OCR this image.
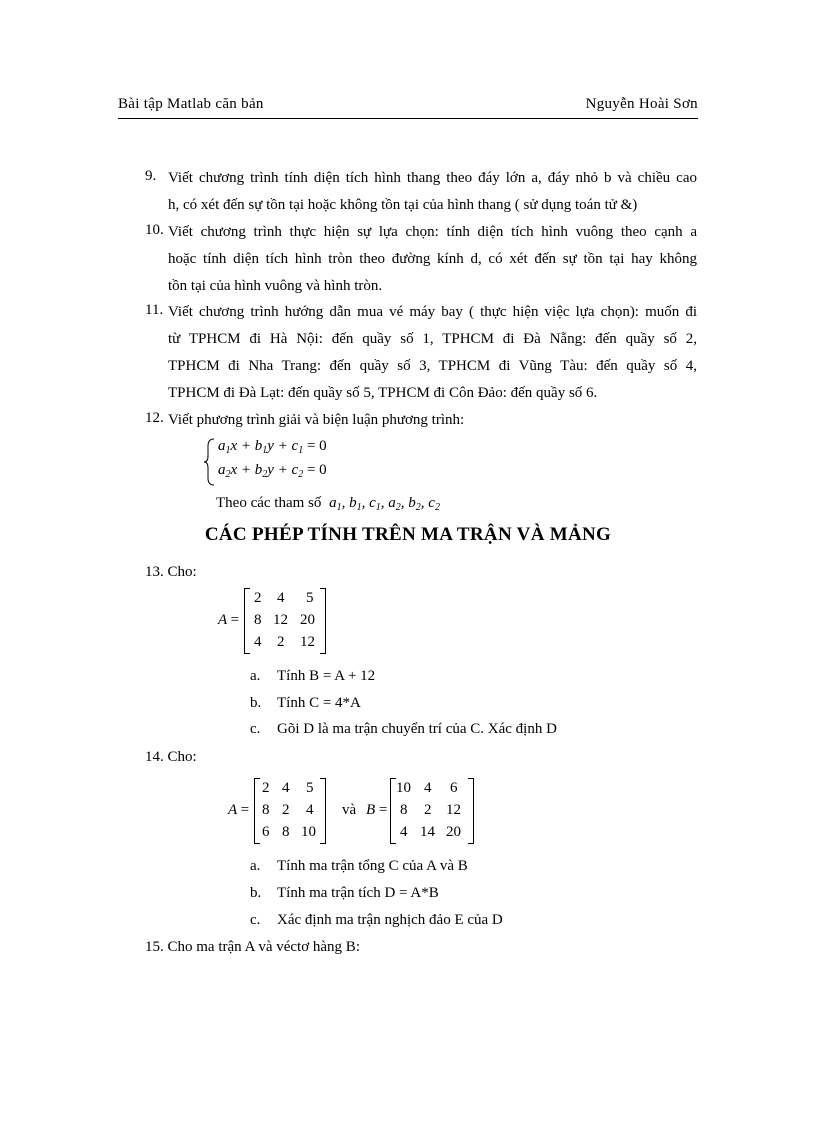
Bài tập Matlab căn bản	Nguyễn Hoài Sơn
9. Viết chương trình tính diện tích hình thang theo đáy lớn a, đáy nhỏ b và chiều cao
h, có xét đến sự tồn tại hoặc không tồn tại của hình thang ( sử dụng toán tử &)
10. Viết chương trình thực hiện sự lựa chọn: tính diện tích hình vuông theo cạnh a
hoặc tính diện tích hình tròn theo đường kính d, có xét đến sự tồn tại hay không
tồn tại của hình vuông và hình tròn.
11. Viết chương trình hướng dẫn mua vé máy bay ( thực hiện việc lựa chọn): muốn đi
từ TPHCM đi Hà Nội: đến quầy số 1, TPHCM đi Đà Nẵng: đến quầy số 2,
TPHCM đi Nha Trang: đến quầy số 3, TPHCM đi Vũng Tàu: đến quầy số 4,
TPHCM đi Đà Lạt: đến quầy số 5, TPHCM đi Côn Đảo: đến quầy số 6.
12. Viết phương trình giải và biện luận phương trình:
$a_1x + b_1y + c_1 = 0$
$a_2x + b_2y + c_2 = 0$
Theo các tham số $a_1$, $b_1$, $c_1$, $a_2$, $b_2$, $c_2$
CÁC PHÉP TÍNH TRÊN MA TRẬN VÀ MẢNG
13. Cho:
A =
2 4 5
8 12 20
4 2 12
a. Tính B = A + 12
b. Tính C = 4*A
c. Gõi D là ma trận chuyển trí của C. Xác định D
14. Cho:
A =
2 4 5
8 2 4
6 8 10
và B =
10 4 6
8 2 12
4 14 20
a. Tính ma trận tổng C của A và B
b. Tính ma trận tích D = A*B
c. Xác định ma trận nghịch đảo E của D
15. Cho ma trận A và véctơ hàng B:
